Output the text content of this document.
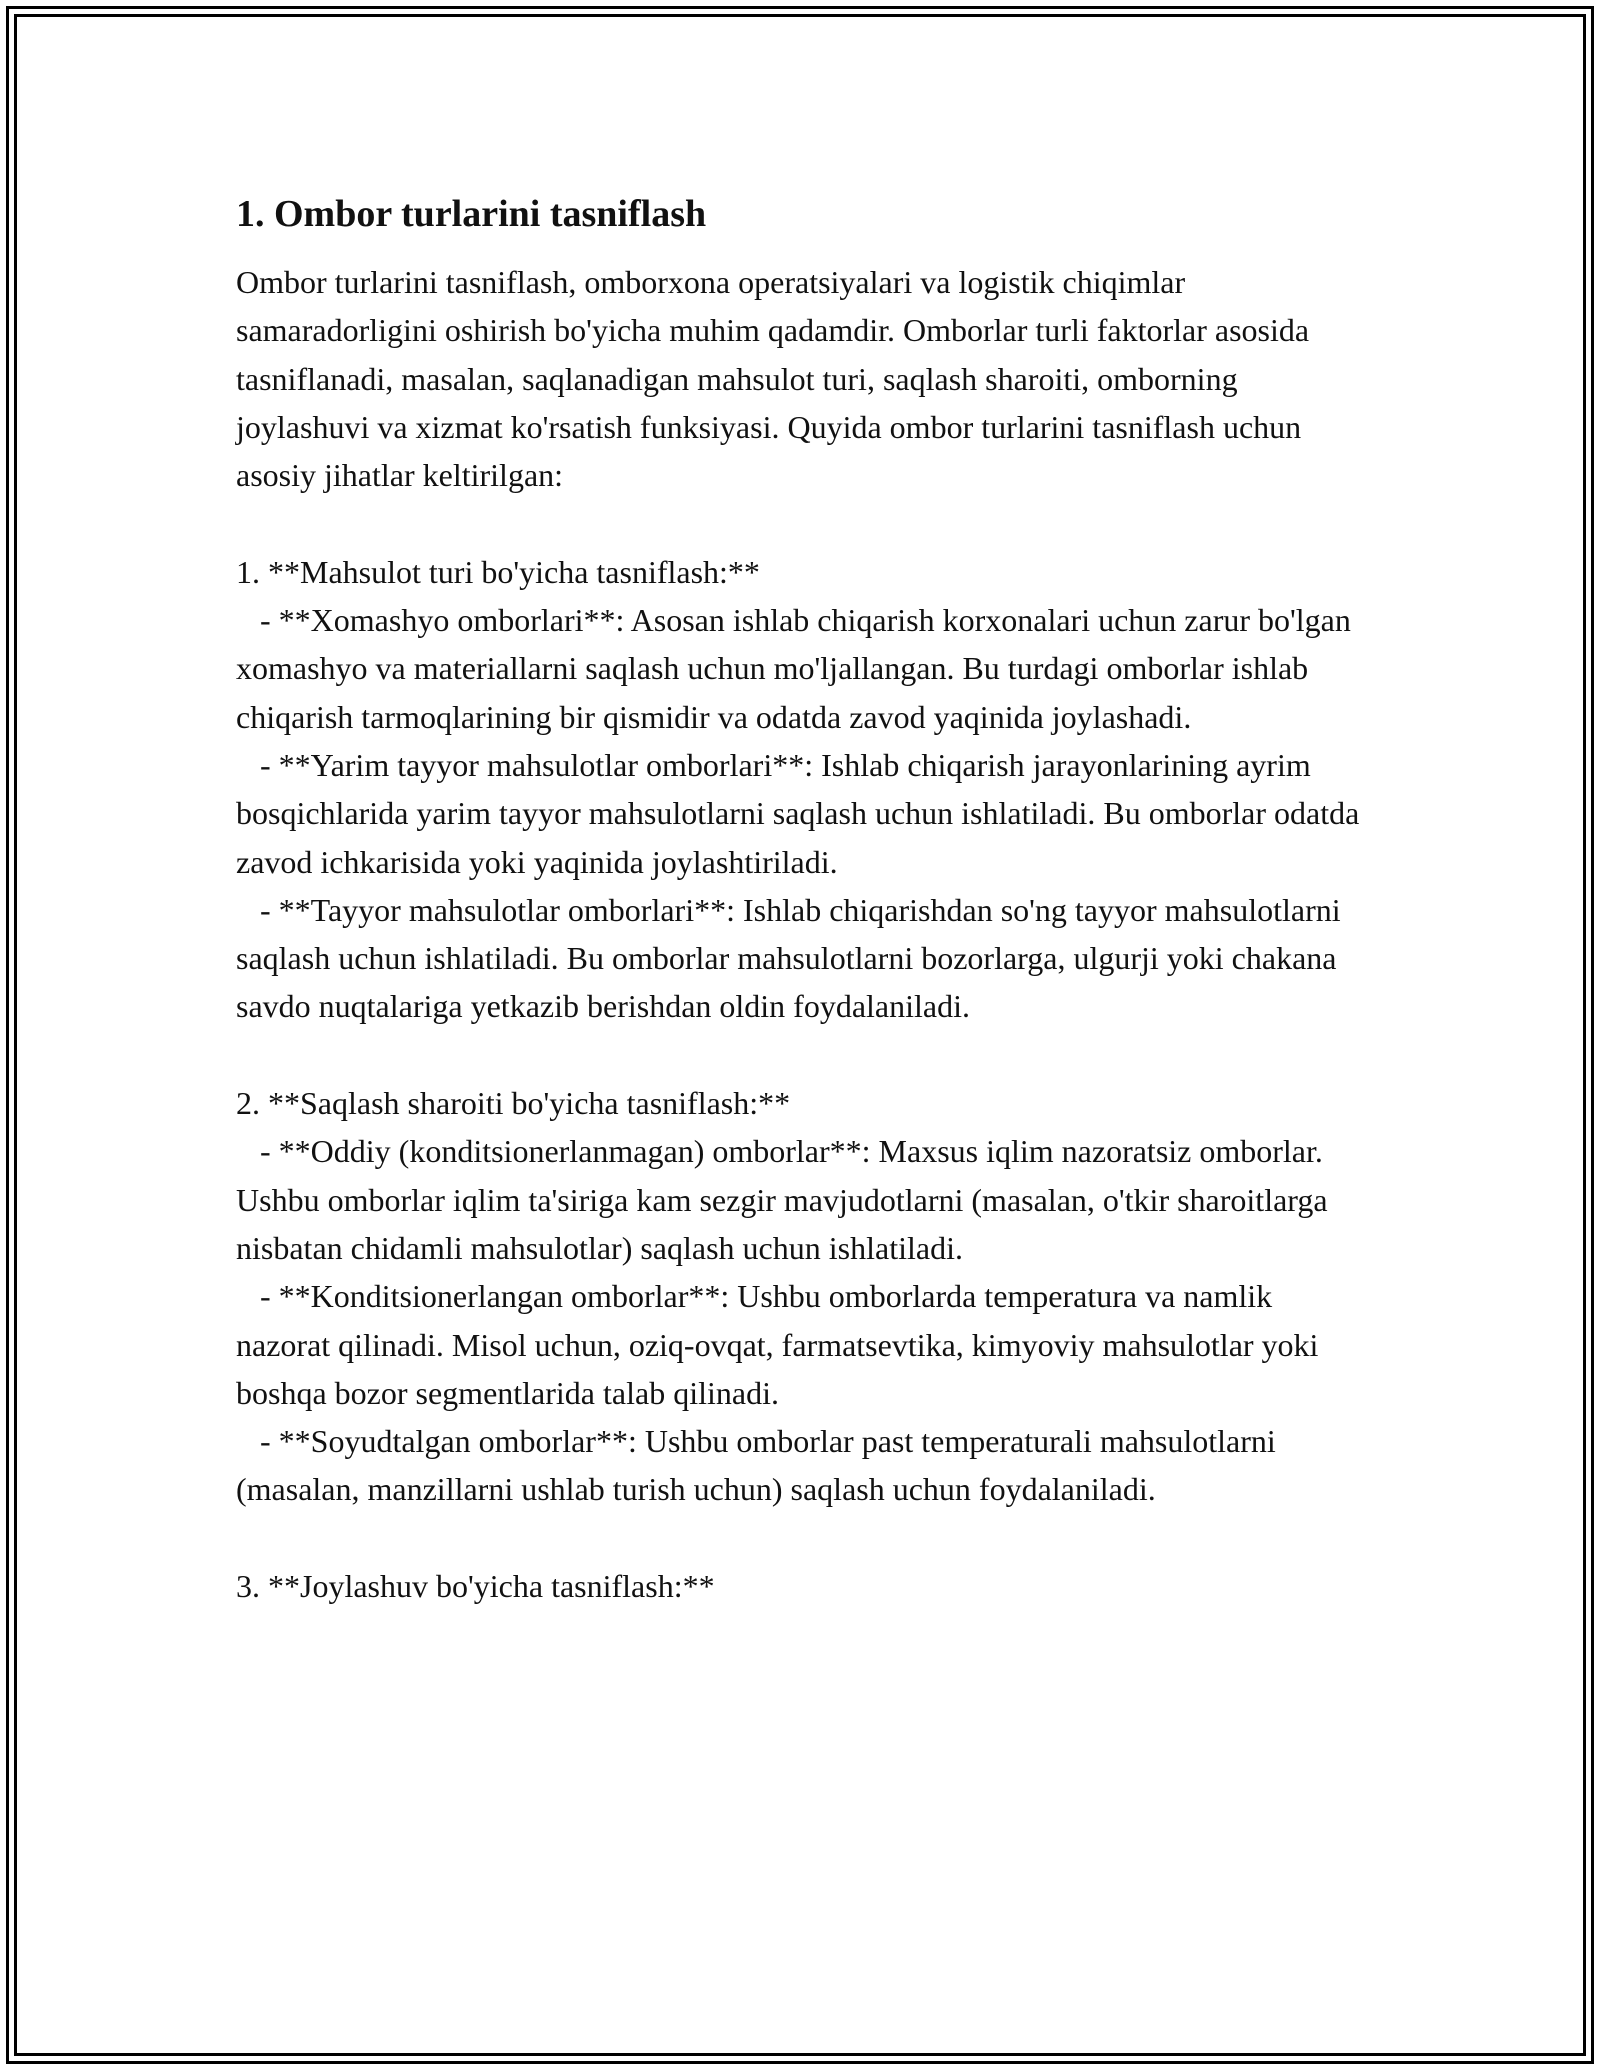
1. Ombor turlarini tasniflash

Ombor turlarini tasniflash, omborxona operatsiyalari va logistik chiqimlar samaradorligini oshirish bo'yicha muhim qadamdir. Omborlar turli faktorlar asosida tasniflanadi, masalan, saqlanadigan mahsulot turi, saqlash sharoiti, omborning joylashuvi va xizmat ko'rsatish funksiyasi. Quyida ombor turlarini tasniflash uchun asosiy jihatlar keltirilgan:

1. **Mahsulot turi bo'yicha tasniflash:**
- **Xomashyo omborlari**: Asosan ishlab chiqarish korxonalari uchun zarur bo'lgan xomashyo va materiallarni saqlash uchun mo'ljallangan. Bu turdagi omborlar ishlab chiqarish tarmoqlarining bir qismidir va odatda zavod yaqinida joylashadi.
- **Yarim tayyor mahsulotlar omborlari**: Ishlab chiqarish jarayonlarining ayrim bosqichlarida yarim tayyor mahsulotlarni saqlash uchun ishlatiladi. Bu omborlar odatda zavod ichkarisida yoki yaqinida joylashtiriladi.
- **Tayyor mahsulotlar omborlari**: Ishlab chiqarishdan so'ng tayyor mahsulotlarni saqlash uchun ishlatiladi. Bu omborlar mahsulotlarni bozorlarga, ulgurji yoki chakana savdo nuqtalariga yetkazib berishdan oldin foydalaniladi.

2. **Saqlash sharoiti bo'yicha tasniflash:**
- **Oddiy (konditsionerlanmagan) omborlar**: Maxsus iqlim nazoratsiz omborlar. Ushbu omborlar iqlim ta'siriga kam sezgir mavjudotlarni (masalan, o'tkir sharoitlarga nisbatan chidamli mahsulotlar) saqlash uchun ishlatiladi.
- **Konditsionerlangan omborlar**: Ushbu omborlarda temperatura va namlik nazorat qilinadi. Misol uchun, oziq-ovqat, farmatsevtika, kimyoviy mahsulotlar yoki boshqa bozor segmentlarida talab qilinadi.
- **Soyudtalgan omborlar**: Ushbu omborlar past temperaturali mahsulotlarni (masalan, manzillarni ushlab turish uchun) saqlash uchun foydalaniladi.

3. **Joylashuv bo'yicha tasniflash:**
